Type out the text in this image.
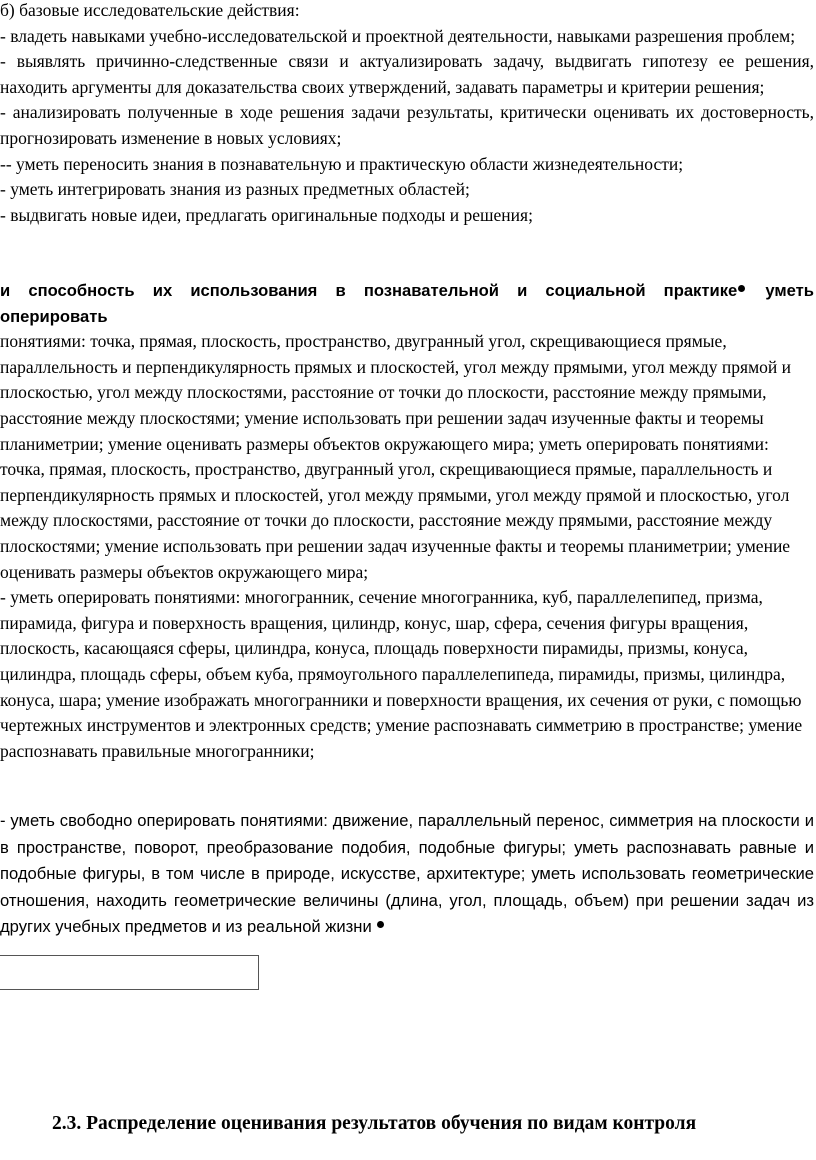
б) базовые исследовательские действия:

- владеть навыками учебно-исследовательской и проектной деятельности, навыками разрешения проблем;

- выявлять причинно-следственные связи и актуализировать задачу, выдвигать гипотезу ее решения, находить аргументы для доказательства своих утверждений, задавать параметры и критерии решения;

- анализировать полученные в ходе решения задачи результаты, критически оценивать их достоверность, прогнозировать изменение в новых условиях;

-- уметь переносить знания в познавательную и практическую области жизнедеятельности;

- уметь интегрировать знания из разных предметных областей;

- выдвигать новые идеи, предлагать оригинальные подходы и решения;

и способность их использования в познавательной и социальной практике уметь оперировать

понятиями: точка, прямая, плоскость, пространство, двугранный угол, скрещивающиеся прямые, параллельность и перпендикулярность прямых и плоскостей, угол между прямыми, угол между прямой и плоскостью, угол между плоскостями, расстояние от точки до плоскости, расстояние между прямыми, расстояние между плоскостями; умение использовать при решении задач изученные факты и теоремы планиметрии; умение оценивать размеры объектов окружающего мира; уметь оперировать понятиями: точка, прямая, плоскость, пространство, двугранный угол, скрещивающиеся прямые, параллельность и перпендикулярность прямых и плоскостей, угол между прямыми, угол между прямой и плоскостью, угол между плоскостями, расстояние от точки до плоскости, расстояние между прямыми, расстояние между плоскостями; умение использовать при решении задач изученные факты и теоремы планиметрии; умение оценивать размеры объектов окружающего мира;

- уметь оперировать понятиями: многогранник, сечение многогранника, куб, параллелепипед, призма, пирамида, фигура и поверхность вращения, цилиндр, конус, шар, сфера, сечения фигуры вращения, плоскость, касающаяся сферы, цилиндра, конуса, площадь поверхности пирамиды, призмы, конуса, цилиндра, площадь сферы, объем куба, прямоугольного параллелепипеда, пирамиды, призмы, цилиндра, конуса, шара; умение изображать многогранники и поверхности вращения, их сечения от руки, с помощью чертежных инструментов и электронных средств; умение распознавать симметрию в пространстве; умение распознавать правильные многогранники;

- уметь свободно оперировать понятиями: движение, параллельный перенос, симметрия на плоскости и в пространстве, поворот, преобразование подобия, подобные фигуры; уметь распознавать равные и подобные фигуры, в том числе в природе, искусстве, архитектуре; уметь использовать геометрические отношения, находить геометрические величины (длина, угол, площадь, объем) при решении задач из других учебных предметов и из реальной жизни

2.3. Распределение оценивания результатов обучения по видам контроля
